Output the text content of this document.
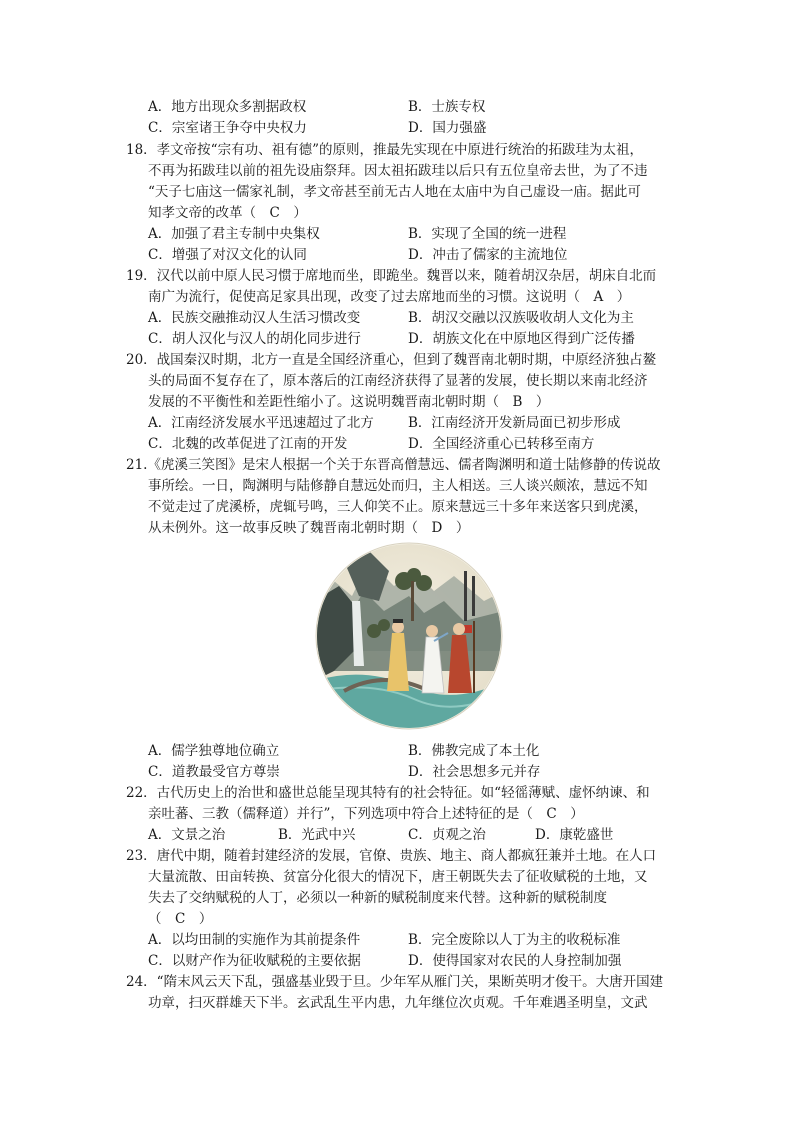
A．地方出现众多割据政权	B．士族专权
C．宗室诸王争夺中央权力	D．国力强盛
18．孝文帝按“宗有功、祖有德”的原则，推最先实现在中原进行统治的拓跋珪为太祖，
不再为拓跋珪以前的祖先设庙祭拜。因太祖拓跋珪以后只有五位皇帝去世，为了不违
“天子七庙这一儒家礼制，孝文帝甚至前无古人地在太庙中为自己虚设一庙。据此可
知孝文帝的改革（　C　）
A．加强了君主专制中央集权	B．实现了全国的统一进程
C．增强了对汉文化的认同	D．冲击了儒家的主流地位
19．汉代以前中原人民习惯于席地而坐，即跪坐。魏晋以来，随着胡汉杂居，胡床自北而
南广为流行，促使高足家具出现，改变了过去席地而坐的习惯。这说明（　A　）
A．民族交融推动汉人生活习惯改变	B．胡汉交融以汉族吸收胡人文化为主
C．胡人汉化与汉人的胡化同步进行	D．胡族文化在中原地区得到广泛传播
20．战国秦汉时期，北方一直是全国经济重心，但到了魏晋南北朝时期，中原经济独占鳌
头的局面不复存在了，原本落后的江南经济获得了显著的发展，使长期以来南北经济
发展的不平衡性和差距性缩小了。这说明魏晋南北朝时期（　B　）
A．江南经济发展水平迅速超过了北方	B．江南经济开发新局面已初步形成
C．北魏的改革促进了江南的开发	D．全国经济重心已转移至南方
21.《虎溪三笑图》是宋人根据一个关于东晋高僧慧远、儒者陶渊明和道士陆修静的传说故
事所绘。一日，陶渊明与陆修静自慧远处而归，主人相送。三人谈兴颇浓，慧远不知
不觉走过了虎溪桥，虎辄号鸣，三人仰笑不止。原来慧远三十多年来送客只到虎溪，
从未例外。这一故事反映了魏晋南北朝时期（　D　）
A．儒学独尊地位确立	B．佛教完成了本土化
C．道教最受官方尊崇	D．社会思想多元并存
22．古代历史上的治世和盛世总能呈现其特有的社会特征。如“轻徭薄赋、虚怀纳谏、和
亲吐蕃、三教（儒释道）并行”，下列选项中符合上述特征的是（　C　）
A．文景之治	B．光武中兴	C．贞观之治	D．康乾盛世
23．唐代中期，随着封建经济的发展，官僚、贵族、地主、商人都疯狂兼并土地。在人口
大量流散、田亩转换、贫富分化很大的情况下，唐王朝既失去了征收赋税的土地，又
失去了交纳赋税的人丁，必须以一种新的赋税制度来代替。这种新的赋税制度
（　C　）
A．以均田制的实施作为其前提条件	B．完全废除以人丁为主的收税标准
C．以财产作为征收赋税的主要依据	D．使得国家对农民的人身控制加强
24．“隋末风云天下乱，强盛基业毁于旦。少年军从雁门关，果断英明才俊干。大唐开国建
功章，扫灭群雄天下半。玄武乱生平内患，九年继位次贞观。千年难遇圣明皇，文武
